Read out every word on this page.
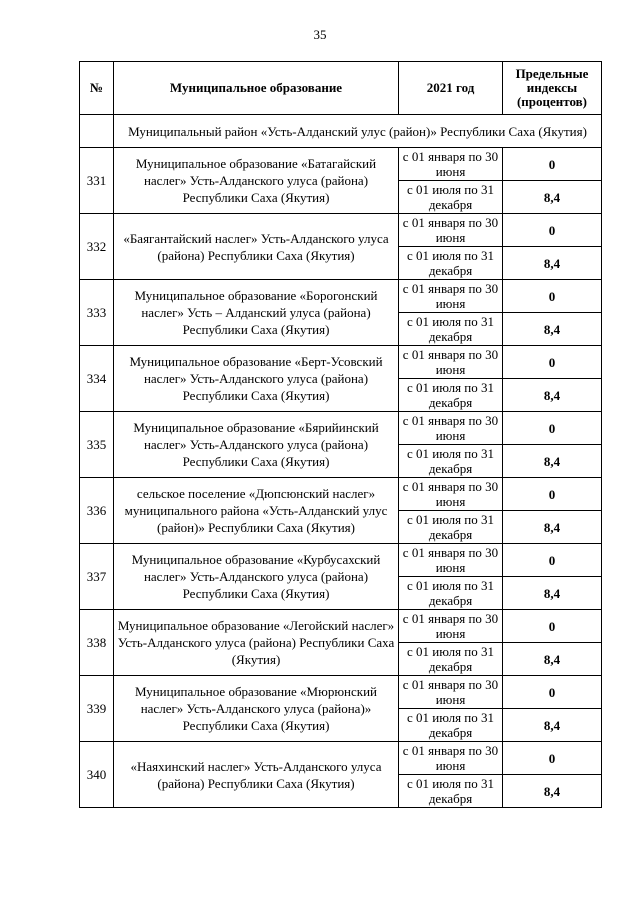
35
№	Муниципальное образование	2021 год	Предельные индексы (процентов)
	Муниципальный район «Усть-Алданский улус (район)» Республики Саха (Якутия)		
331	Муниципальное образование «Батагайский наслег» Усть-Алданского улуса (района) Республики Саха (Якутия)	с 01 января по 30 июня	0
		с 01 июля по 31 декабря	8,4
332	«Баягантайский наслег» Усть-Алданского улуса (района) Республики Саха (Якутия)	с 01 января по 30 июня	0
		с 01 июля по 31 декабря	8,4
333	Муниципальное образование «Борогонский наслег» Усть – Алданский улуса (района) Республики Саха (Якутия)	с 01 января по 30 июня	0
		с 01 июля по 31 декабря	8,4
334	Муниципальное образование «Берт-Усовский наслег» Усть-Алданского улуса (района) Республики Саха (Якутия)	с 01 января по 30 июня	0
		с 01 июля по 31 декабря	8,4
335	Муниципальное образование «Бярийинский наслег» Усть-Алданского улуса (района) Республики Саха (Якутия)	с 01 января по 30 июня	0
		с 01 июля по 31 декабря	8,4
336	сельское поселение «Дюпсюнский наслег» муниципального района «Усть-Алданский улус (район)» Республики Саха (Якутия)	с 01 января по 30 июня	0
		с 01 июля по 31 декабря	8,4
337	Муниципальное образование «Курбусахский наслег» Усть-Алданского улуса (района) Республики Саха (Якутия)	с 01 января по 30 июня	0
		с 01 июля по 31 декабря	8,4
338	Муниципальное образование «Легойский наслег» Усть-Алданского улуса (района) Республики Саха (Якутия)	с 01 января по 30 июня	0
		с 01 июля по 31 декабря	8,4
339	Муниципальное образование «Мюрюнский наслег» Усть-Алданского улуса (района)» Республики Саха (Якутия)	с 01 января по 30 июня	0
		с 01 июля по 31 декабря	8,4
340	«Наяхинский наслег» Усть-Алданского улуса (района) Республики Саха (Якутия)	с 01 января по 30 июня	0
		с 01 июля по 31 декабря	8,4
